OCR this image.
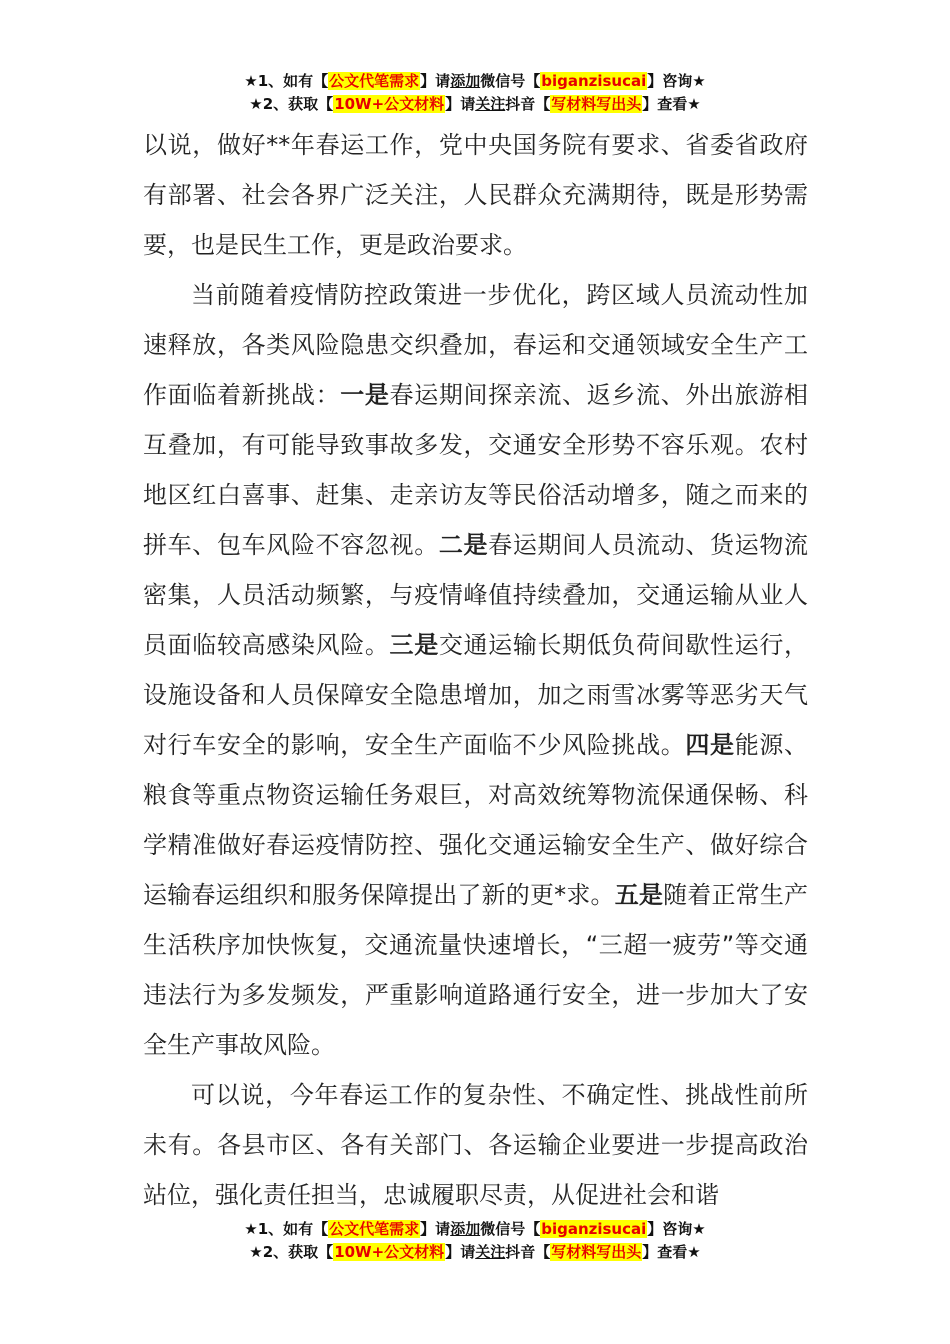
★1、如有【公文代笔需求】请添加微信号【biganzisucai】咨询★
★2、获取【10W+公文材料】请关注抖音【写材料写出头】查看★

以说，做好**年春运工作，党中央国务院有要求、省委省政府有部署、社会各界广泛关注，人民群众充满期待，既是形势需要，也是民生工作，更是政治要求。

当前随着疫情防控政策进一步优化，跨区域人员流动性加速释放，各类风险隐患交织叠加，春运和交通领域安全生产工作面临着新挑战：一是春运期间探亲流、返乡流、外出旅游相互叠加，有可能导致事故多发，交通安全形势不容乐观。农村地区红白喜事、赶集、走亲访友等民俗活动增多，随之而来的拼车、包车风险不容忽视。二是春运期间人员流动、货运物流密集，人员活动频繁，与疫情峰值持续叠加，交通运输从业人员面临较高感染风险。三是交通运输长期低负荷间歇性运行，设施设备和人员保障安全隐患增加，加之雨雪冰雾等恶劣天气对行车安全的影响，安全生产面临不少风险挑战。四是能源、粮食等重点物资运输任务艰巨，对高效统筹物流保通保畅、科学精准做好春运疫情防控、强化交通运输安全生产、做好综合运输春运组织和服务保障提出了新的更*求。五是随着正常生产生活秩序加快恢复，交通流量快速增长，“三超一疲劳”等交通违法行为多发频发，严重影响道路通行安全，进一步加大了安全生产事故风险。

可以说，今年春运工作的复杂性、不确定性、挑战性前所未有。各县市区、各有关部门、各运输企业要进一步提高政治站位，强化责任担当，忠诚履职尽责，从促进社会和谐

★1、如有【公文代笔需求】请添加微信号【biganzisucai】咨询★
★2、获取【10W+公文材料】请关注抖音【写材料写出头】查看★
